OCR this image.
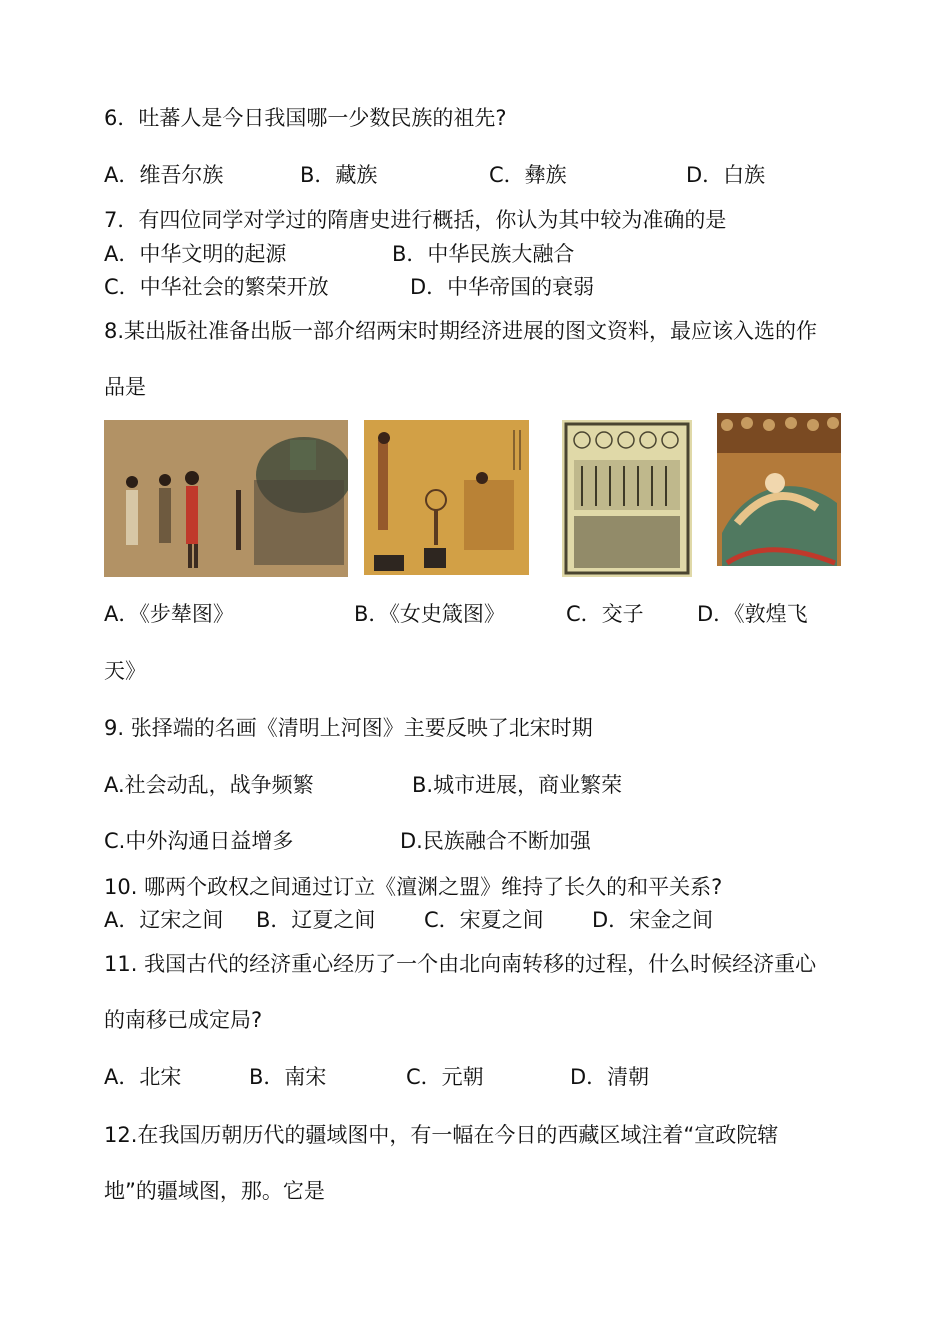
6．吐蕃人是今日我国哪一少数民族的祖先?
A．维吾尔族	B．藏族	C．彝族	D．白族
7．有四位同学对学过的隋唐史进行概括，你认为其中较为准确的是
A．中华文明的起源	B．中华民族大融合
C．中华社会的繁荣开放	D．中华帝国的衰弱
8.某出版社准备出版一部介绍两宋时期经济进展的图文资料，最应该入选的作
品是
A．《步辇图》	B．《女史箴图》	C．交子	D．《敦煌飞
天》
9. 张择端的名画《清明上河图》主要反映了北宋时期
A.社会动乱，战争频繁	B.城市进展，商业繁荣
C.中外沟通日益增多	D.民族融合不断加强
10. 哪两个政权之间通过订立《澶渊之盟》维持了长久的和平关系?
A．辽宋之间 B．辽夏之间 C．宋夏之间 D．宋金之间
11. 我国古代的经济重心经历了一个由北向南转移的过程，什么时候经济重心
的南移已成定局?
A．北宋	B．南宋	C．元朝	D．清朝
12.在我国历朝历代的疆域图中，有一幅在今日的西藏区域注着“宣政院辖
地”的疆域图，那。它是
